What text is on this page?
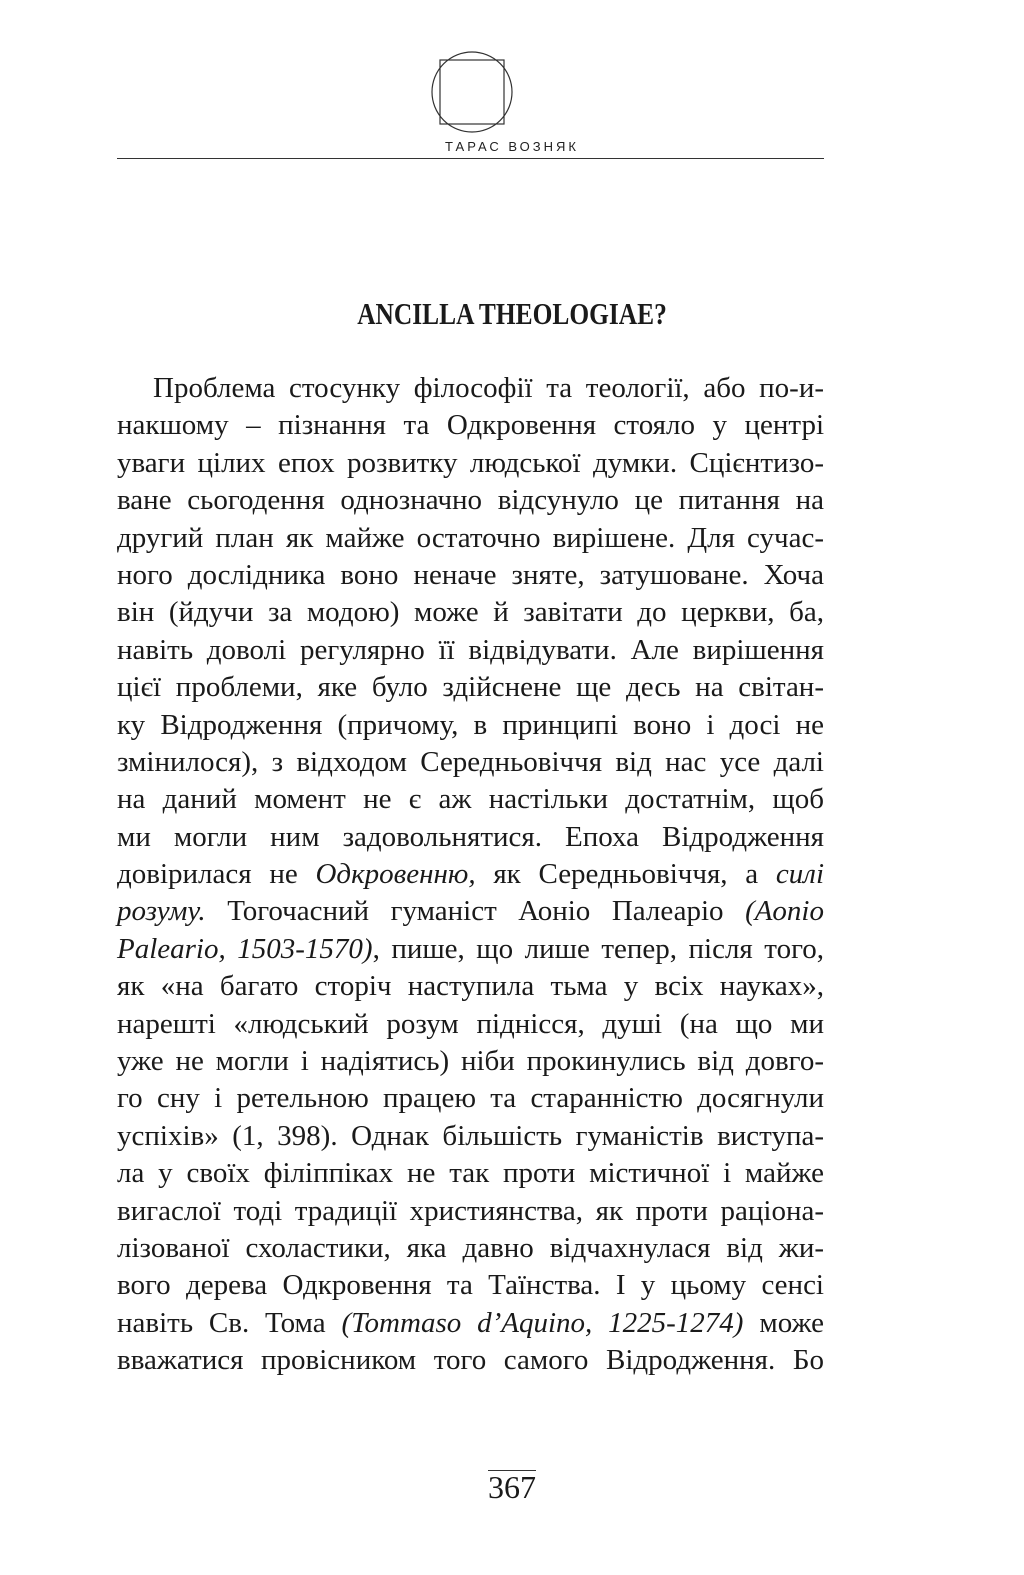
ТАРАС ВОЗНЯК
ANCILLA THEOLOGIAE?
Проблема стосунку філософії та теології, або по-и-
накшому – пізнання та Одкровення стояло у центрі
уваги цілих епох розвитку людської думки. Сцієнтизо-
ване сьогодення однозначно відсунуло це питання на
другий план як майже остаточно вирішене. Для сучас-
ного дослідника воно неначе зняте, затушоване. Хоча
він (йдучи за модою) може й завітати до церкви, ба,
навіть доволі регулярно її відвідувати. Але вирішення
цієї проблеми, яке було здійснене ще десь на світан-
ку Відродження (причому, в принципі воно і досі не
змінилося), з відходом Середньовіччя від нас усе далі
на даний момент не є аж настільки достатнім, щоб
ми могли ним задовольнятися. Епоха Відродження
довірилася не Одкровенню, як Середньовіччя, а силі
розуму. Тогочасний гуманіст Аоніо Палеаріо (Aonio
Paleario, 1503-1570), пише, що лише тепер, після того,
як «на багато сторіч наступила тьма у всіх науках»,
нарешті «людський розум піднісся, душі (на що ми
уже не могли і надіятись) ніби прокинулись від довго-
го сну і ретельною працею та старанністю досягнули
успіхів» (1, 398). Однак більшість гуманістів виступа-
ла у своїх філіппіках не так проти містичної і майже
вигаслої тоді традиції християнства, як проти раціона-
лізованої схоластики, яка давно відчахнулася від жи-
вого дерева Одкровення та Таїнства. І у цьому сенсі
навіть Св. Тома (Tommaso d’Aquino, 1225-1274) може
вважатися провісником того самого Відродження. Бо
367
